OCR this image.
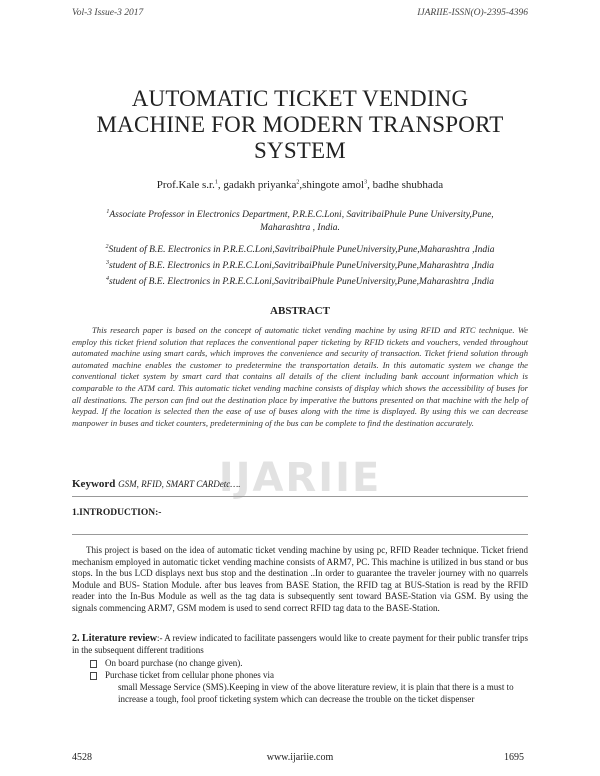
Vol-3 Issue-3 2017	IJARIIE-ISSN(O)-2395-4396
AUTOMATIC TICKET VENDING
MACHINE FOR MODERN TRANSPORT
SYSTEM
Prof.Kale s.r.$^1$, gadakh priyanka$^2$,shingote amol$^3$, badhe shubhada
$^1$Associate Professor in Electronics Department, P.R.E.C.Loni, SavitribaiPhule Pune University,Pune,
Maharashtra , India.
$^2$Student of B.E. Electronics in P.R.E.C.Loni,SavitribaiPhule PuneUniversity,Pune,Maharashtra ,India
$^3$student of B.E. Electronics in P.R.E.C.Loni,SavitribaiPhule PuneUniversity,Pune,Maharashtra ,India
$^4$student of B.E. Electronics in P.R.E.C.Loni,SavitribaiPhule PuneUniversity,Pune,Maharashtra ,India
ABSTRACT
This research paper is based on the concept of automatic ticket vending machine by using RFID and RTC technique. We employ this ticket friend solution that replaces the conventional paper ticketing by RFID tickets and vouchers, vended throughout automated machine using smart cards, which improves the convenience and security of transaction. Ticket friend solution through automated machine enables the customer to predetermine the transportation details. In this automatic system we change the conventional ticket system by smart card that contains all details of the client including bank account information which is comparable to the ATM card. This automatic ticket vending machine consists of display which shows the accessibility of buses for all destinations. The person can find out the destination place by imperative the buttons presented on that machine with the help of keypad. If the location is selected then the ease of use of buses along with the time is displayed. By using this we can decrease manpower in buses and ticket counters, predetermining of the bus can be complete to find the destination accurately.
IJARIIE
Keyword GSM, RFID, SMART CARDetc….
1.INTRODUCTION:-
This project is based on the idea of automatic ticket vending machine by using pc, RFID Reader technique. Ticket friend mechanism employed in automatic ticket vending machine consists of ARM7, PC. This machine is utilized in bus stand or bus stops. In the bus LCD displays next bus stop and the destination ..In order to guarantee the traveler journey with no quarrels Module and BUS- Station Module. after bus leaves from BASE Station, the RFID tag at BUS-Station is read by the RFID reader into the In-Bus Module as well as the tag data is subsequently sent toward BASE-Station via GSM. By using the signals commencing ARM7, GSM modem is used to send correct RFID tag data to the BASE-Station.
2. Literature review:- A review indicated to facilitate passengers would like to create payment for their public transfer trips in the subsequent different traditions
On board purchase (no change given).
Purchase ticket from cellular phone phones via
small Message Service (SMS).Keeping in view of the above literature review, it is plain that there is a must to increase a tough, fool proof ticketing system which can decrease the trouble on the ticket dispenser
4528	www.ijariie.com	1695
